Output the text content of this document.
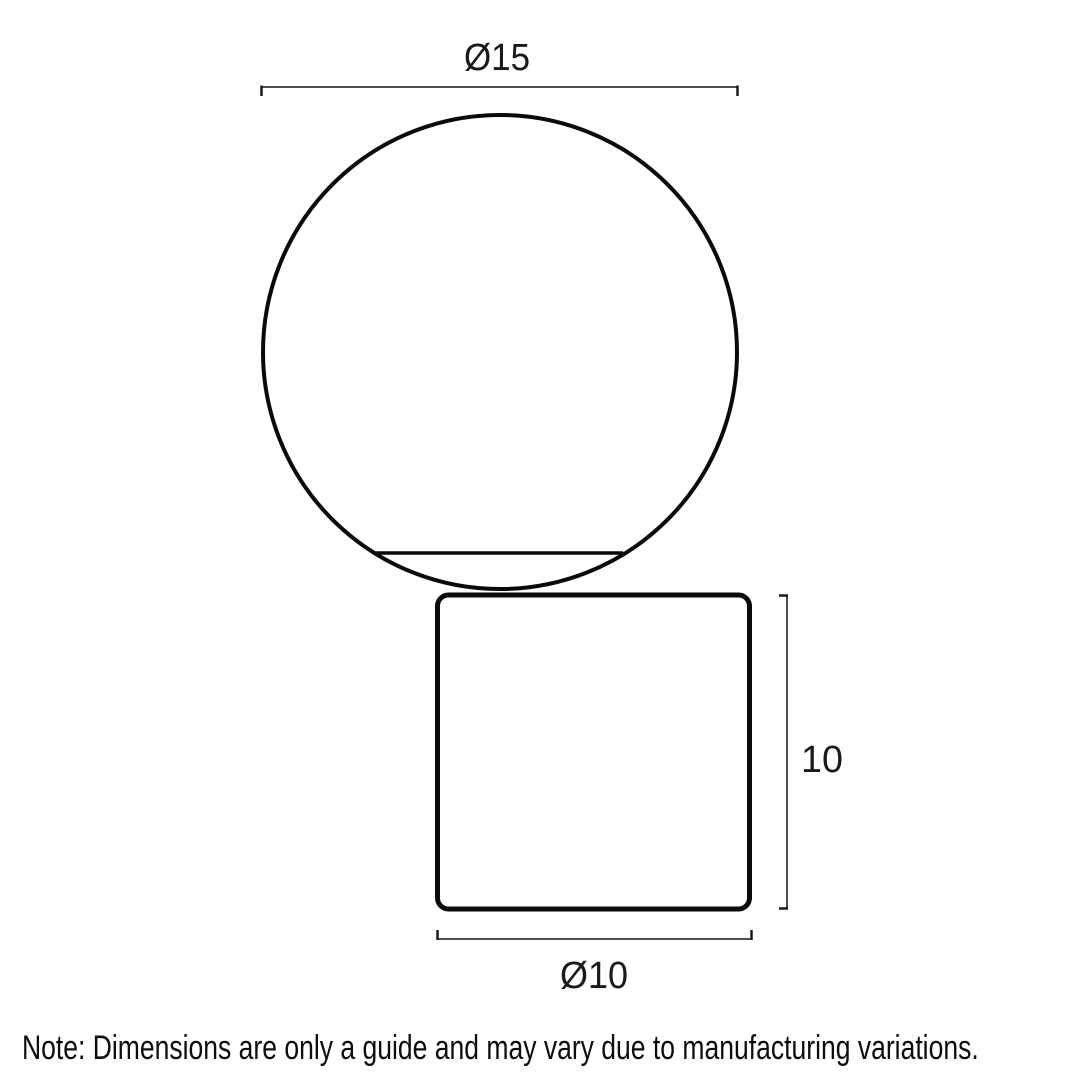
Ø15
10
Ø10
Note: Dimensions are only a guide and may vary due to manufacturing variations.
